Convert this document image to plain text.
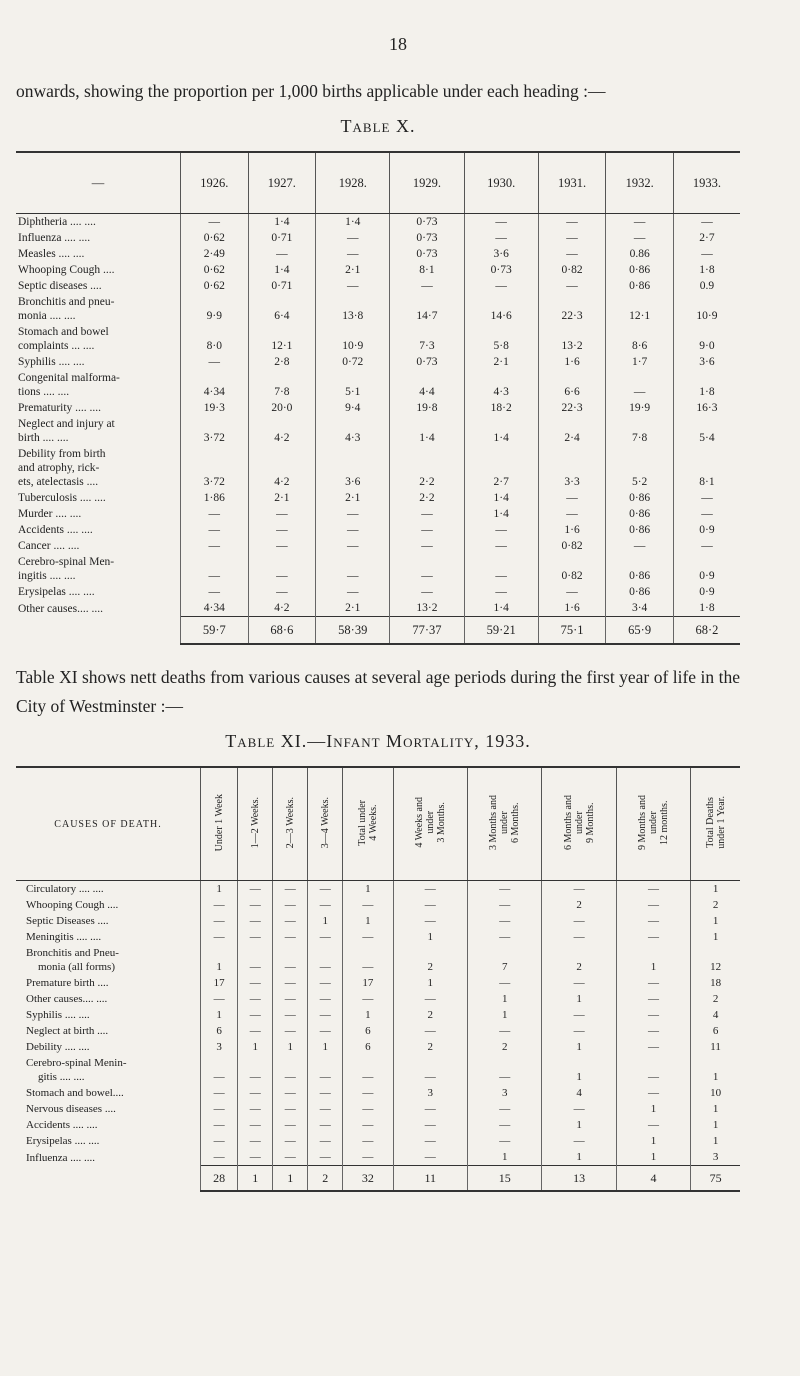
18

onwards, showing the proportion per 1,000 births applicable under each heading :—

Table X.
—	1926.	1927.	1928.	1929.	1930.	1931.	1932.	1933.
Diphtheria .... ....	—	1·4	1·4	0·73	—	—	—	—
Influenza .... ....	0·62	0·71	—	0·73	—	—	—	2·7
Measles .... ....	2·49	—	—	0·73	3·6	—	0.86	—
Whooping Cough ....	0·62	1·4	2·1	8·1	0·73	0·82	0·86	1·8
Septic diseases ....	0·62	0·71	—	—	—	—	0·86	0.9
Bronchitis and pneu-
monia .... ....	9·9	6·4	13·8	14·7	14·6	22·3	12·1	10·9
Stomach and bowel
complaints ... ....	8·0	12·1	10·9	7·3	5·8	13·2	8·6	9·0
Syphilis .... ....	—	2·8	0·72	0·73	2·1	1·6	1·7	3·6
Congenital malforma-
tions .... ....	4·34	7·8	5·1	4·4	4·3	6·6	—	1·8
Prematurity .... ....	19·3	20·0	9·4	19·8	18·2	22·3	19·9	16·3
Neglect and injury at
birth .... ....	3·72	4·2	4·3	1·4	1·4	2·4	7·8	5·4
Debility from birth
and atrophy, rick-
ets, atelectasis ....	3·72	4·2	3·6	2·2	2·7	3·3	5·2	8·1
Tuberculosis .... ....	1·86	2·1	2·1	2·2	1·4	—	0·86	—
Murder .... ....	—	—	—	—	1·4	—	0·86	—
Accidents .... ....	—	—	—	—	—	1·6	0·86	0·9
Cancer .... ....	—	—	—	—	—	0·82	—	—
Cerebro-spinal Men-
ingitis .... ....	—	—	—	—	—	0·82	0·86	0·9
Erysipelas .... ....	—	—	—	—	—	—	0·86	0·9
Other causes.... ....	4·34	4·2	2·1	13·2	1·4	1·6	3·4	1·8
	59·7	68·6	58·39	77·37	59·21	75·1	65·9	68·2

Table XI shows nett deaths from various causes at several age periods during the first year of life in the City of Westminster :—

Table XI.—Infant Mortality, 1933.
CAUSES OF DEATH.	Under 1 Week	1—2 Weeks.	2—3 Weeks.	3—4 Weeks.	Total under
4 Weeks.	4 Weeks and
under
3 Months.	3 Months and
under
6 Months.	6 Months and
under
9 Months.	9 Months and
under
12 months.	Total Deaths
under 1 Year.
Circulatory .... ....	1	—	—	—	1	—	—	—	—	1
Whooping Cough ....	—	—	—	—	—	—	—	2	—	2
Septic Diseases ....	—	—	—	1	1	—	—	—	—	1
Meningitis .... ....	—	—	—	—	—	1	—	—	—	1
Bronchitis and Pneu-
monia (all forms)	1	—	—	—	—	2	7	2	1	12
Premature birth ....	17	—	—	—	17	1	—	—	—	18
Other causes.... ....	—	—	—	—	—	—	1	1	—	2
Syphilis .... ....	1	—	—	—	1	2	1	—	—	4
Neglect at birth ....	6	—	—	—	6	—	—	—	—	6
Debility .... ....	3	1	1	1	6	2	2	1	—	11
Cerebro-spinal Menin-
gitis .... ....	—	—	—	—	—	—	—	1	—	1
Stomach and bowel....	—	—	—	—	—	3	3	4	—	10
Nervous diseases ....	—	—	—	—	—	—	—	—	1	1
Accidents .... ....	—	—	—	—	—	—	—	1	—	1
Erysipelas .... ....	—	—	—	—	—	—	—	—	1	1
Influenza .... ....	—	—	—	—	—	—	1	1	1	3
	28	1	1	2	32	11	15	13	4	75
